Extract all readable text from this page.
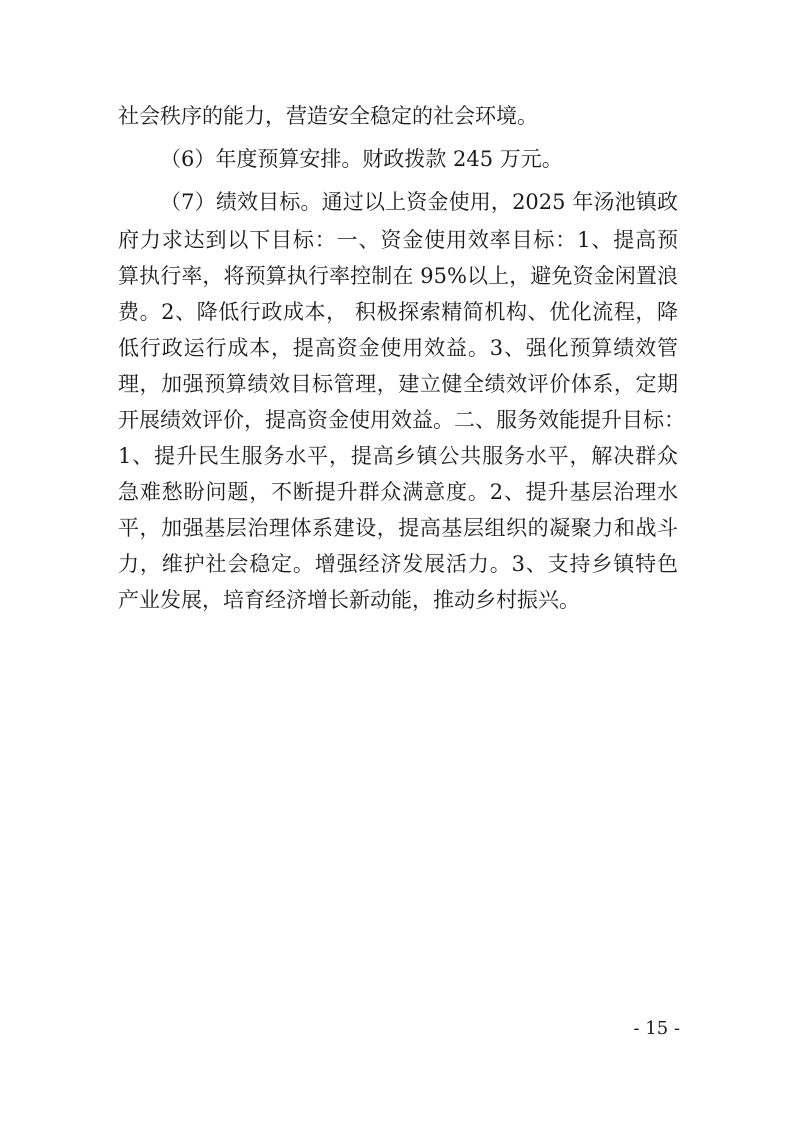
社会秩序的能力，营造安全稳定的社会环境。
（6）年度预算安排。财政拨款 245 万元。
（7）绩效目标。通过以上资金使用，2025 年汤池镇政
府力求达到以下目标：一、资金使用效率目标：1、提高预
算执行率，将预算执行率控制在 95%以上，避免资金闲置浪
费。2、降低行政成本， 积极探索精简机构、优化流程，降
低行政运行成本，提高资金使用效益。3、强化预算绩效管
理，加强预算绩效目标管理，建立健全绩效评价体系，定期
开展绩效评价，提高资金使用效益。二、服务效能提升目标：
1、提升民生服务水平，提高乡镇公共服务水平，解决群众
急难愁盼问题，不断提升群众满意度。2、提升基层治理水
平，加强基层治理体系建设，提高基层组织的凝聚力和战斗
力，维护社会稳定。增强经济发展活力。3、支持乡镇特色
产业发展，培育经济增长新动能，推动乡村振兴。
- 15 -
